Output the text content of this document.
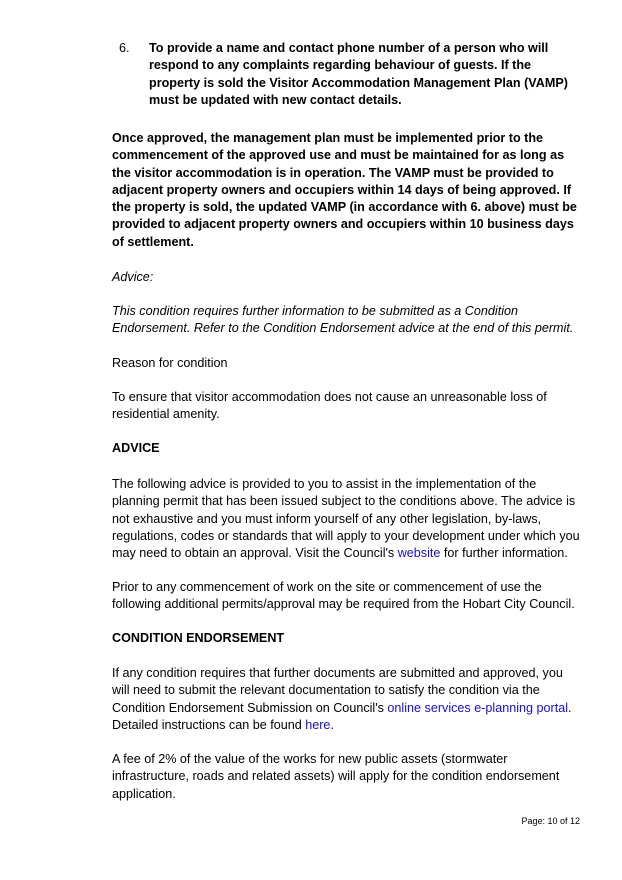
6. To provide a name and contact phone number of a person who will respond to any complaints regarding behaviour of guests. If the property is sold the Visitor Accommodation Management Plan (VAMP) must be updated with new contact details.

Once approved, the management plan must be implemented prior to the commencement of the approved use and must be maintained for as long as the visitor accommodation is in operation. The VAMP must be provided to adjacent property owners and occupiers within 14 days of being approved. If the property is sold, the updated VAMP (in accordance with 6. above) must be provided to adjacent property owners and occupiers within 10 business days of settlement.

Advice:

This condition requires further information to be submitted as a Condition Endorsement. Refer to the Condition Endorsement advice at the end of this permit.

Reason for condition

To ensure that visitor accommodation does not cause an unreasonable loss of residential amenity.

ADVICE

The following advice is provided to you to assist in the implementation of the planning permit that has been issued subject to the conditions above. The advice is not exhaustive and you must inform yourself of any other legislation, by-laws, regulations, codes or standards that will apply to your development under which you may need to obtain an approval. Visit the Council's website for further information.

Prior to any commencement of work on the site or commencement of use the following additional permits/approval may be required from the Hobart City Council.

CONDITION ENDORSEMENT

If any condition requires that further documents are submitted and approved, you will need to submit the relevant documentation to satisfy the condition via the Condition Endorsement Submission on Council's online services e-planning portal. Detailed instructions can be found here.

A fee of 2% of the value of the works for new public assets (stormwater infrastructure, roads and related assets) will apply for the condition endorsement application.

Page: 10 of 12
